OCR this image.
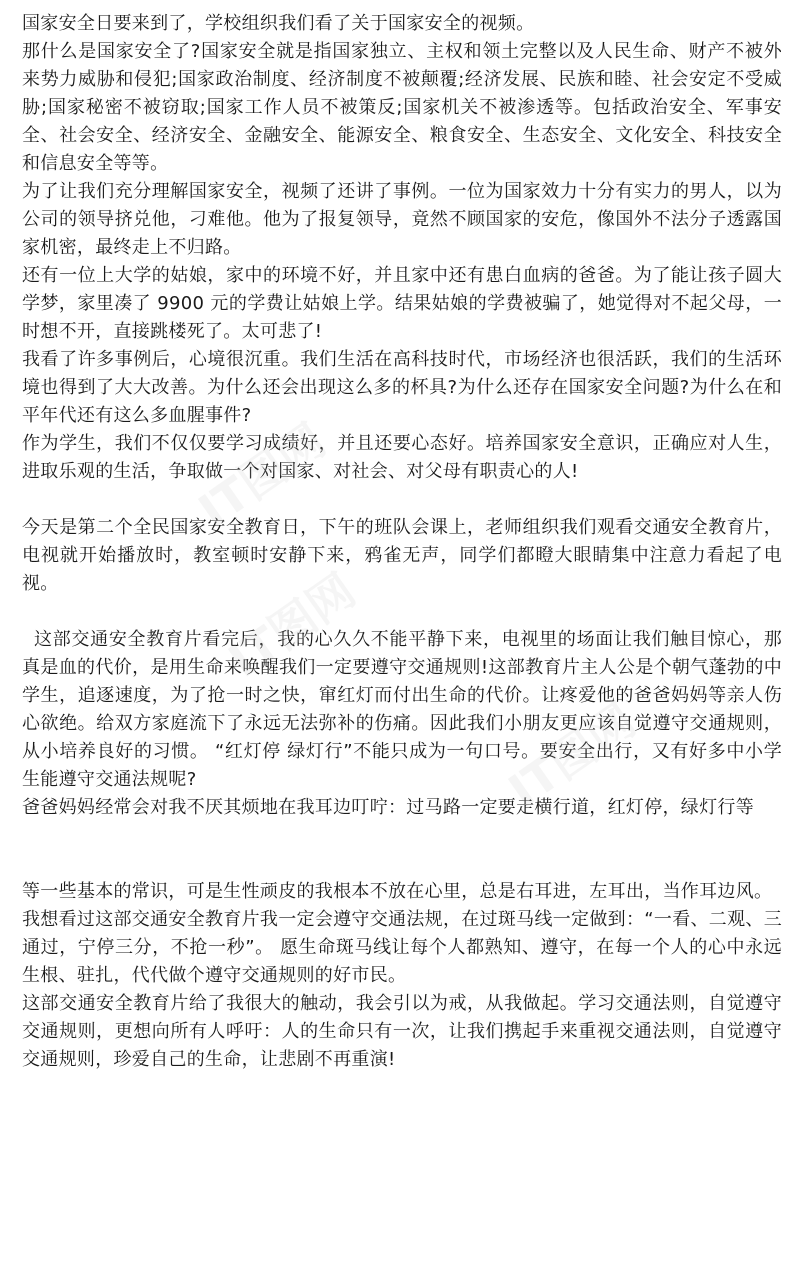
国家安全日要来到了，学校组织我们看了关于国家安全的视频。

那什么是国家安全了?国家安全就是指国家独立、主权和领土完整以及人民生命、财产不被外来势力威胁和侵犯;国家政治制度、经济制度不被颠覆;经济发展、民族和睦、社会安定不受威胁;国家秘密不被窃取;国家工作人员不被策反;国家机关不被渗透等。包括政治安全、军事安全、社会安全、经济安全、金融安全、能源安全、粮食安全、生态安全、文化安全、科技安全和信息安全等等。

为了让我们充分理解国家安全，视频了还讲了事例。一位为国家效力十分有实力的男人，以为公司的领导挤兑他，刁难他。他为了报复领导，竟然不顾国家的安危，像国外不法分子透露国家机密，最终走上不归路。

还有一位上大学的姑娘，家中的环境不好，并且家中还有患白血病的爸爸。为了能让孩子圆大学梦，家里凑了 9900 元的学费让姑娘上学。结果姑娘的学费被骗了，她觉得对不起父母，一时想不开，直接跳楼死了。太可悲了!

我看了许多事例后，心境很沉重。我们生活在高科技时代，市场经济也很活跃，我们的生活环境也得到了大大改善。为什么还会出现这么多的杯具?为什么还存在国家安全问题?为什么在和平年代还有这么多血腥事件?

作为学生，我们不仅仅要学习成绩好，并且还要心态好。培养国家安全意识，正确应对人生，进取乐观的生活，争取做一个对国家、对社会、对父母有职责心的人!

今天是第二个全民国家安全教育日，下午的班队会课上，老师组织我们观看交通安全教育片，电视就开始播放时，教室顿时安静下来，鸦雀无声，同学们都瞪大眼睛集中注意力看起了电视。

这部交通安全教育片看完后，我的心久久不能平静下来，电视里的场面让我们触目惊心，那真是血的代价，是用生命来唤醒我们一定要遵守交通规则!这部教育片主人公是个朝气蓬勃的中学生，追逐速度，为了抢一时之快，窜红灯而付出生命的代价。让疼爱他的爸爸妈妈等亲人伤心欲绝。给双方家庭流下了永远无法弥补的伤痛。因此我们小朋友更应该自觉遵守交通规则，从小培养良好的习惯。 “红灯停 绿灯行”不能只成为一句口号。要安全出行，又有好多中小学生能遵守交通法规呢?

爸爸妈妈经常会对我不厌其烦地在我耳边叮咛：过马路一定要走横行道，红灯停，绿灯行等

等一些基本的常识，可是生性顽皮的我根本不放在心里，总是右耳进，左耳出，当作耳边风。

我想看过这部交通安全教育片我一定会遵守交通法规，在过斑马线一定做到：“一看、二观、三通过，宁停三分，不抢一秒”。 愿生命斑马线让每个人都熟知、遵守，在每一个人的心中永远生根、驻扎，代代做个遵守交通规则的好市民。

这部交通安全教育片给了我很大的触动，我会引以为戒，从我做起。学习交通法则，自觉遵守交通规则，更想向所有人呼吁：人的生命只有一次，让我们携起手来重视交通法则，自觉遵守交通规则，珍爱自己的生命，让悲剧不再重演!

IT图网
IT图网
IT图网
